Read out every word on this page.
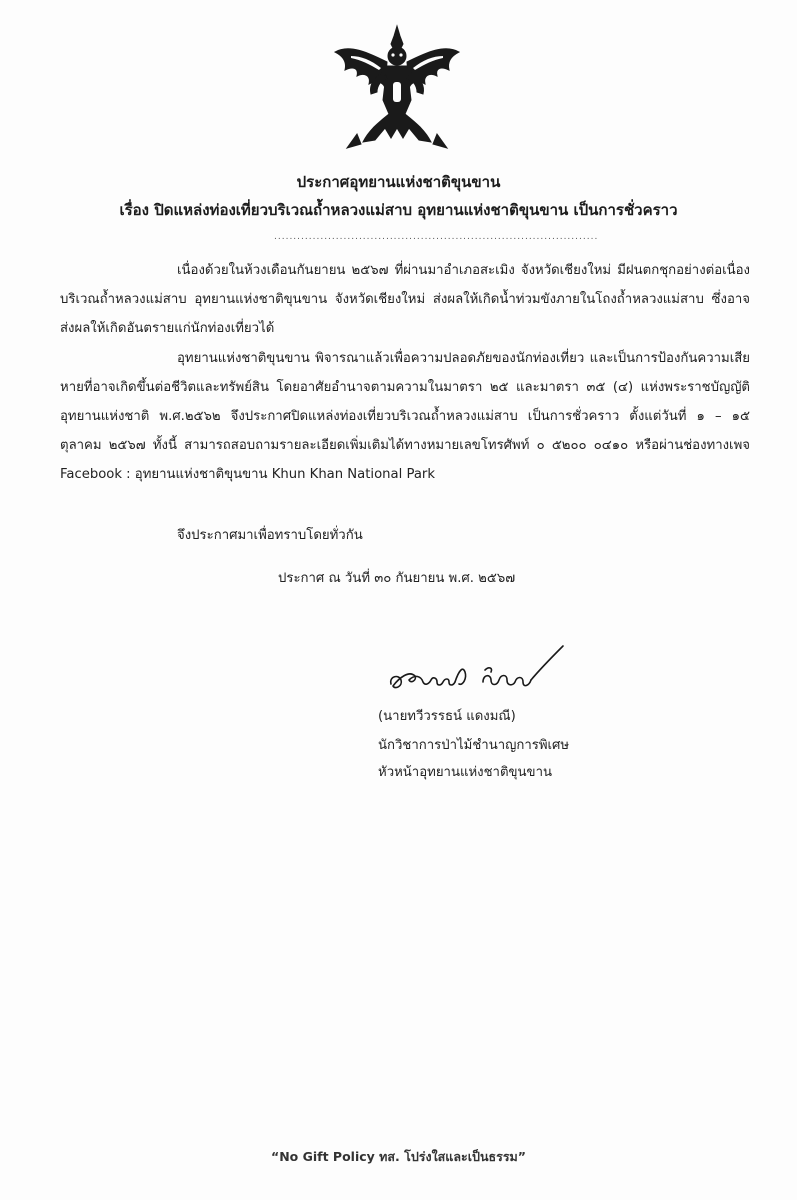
ประกาศอุทยานแห่งชาติขุนขาน
เรื่อง ปิดแหล่งท่องเที่ยวบริเวณถ้ำหลวงแม่สาบ อุทยานแห่งชาติขุนขาน เป็นการชั่วคราว
....................................................................................
เนื่องด้วยในห้วงเดือนกันยายน ๒๕๖๗ ที่ผ่านมาอำเภอสะเมิง จังหวัดเชียงใหม่ มีฝนตกชุกอย่างต่อเนื่อง บริเวณถ้ำหลวงแม่สาบ อุทยานแห่งชาติขุนขาน จังหวัดเชียงใหม่ ส่งผลให้เกิดน้ำท่วมขังภายในโถงถ้ำหลวงแม่สาบ ซึ่งอาจส่งผลให้เกิดอันตรายแก่นักท่องเที่ยวได้
อุทยานแห่งชาติขุนขาน พิจารณาแล้วเพื่อความปลอดภัยของนักท่องเที่ยว และเป็นการป้องกันความเสียหายที่อาจเกิดขึ้นต่อชีวิตและทรัพย์สิน โดยอาศัยอำนาจตามความในมาตรา ๒๕ และมาตรา ๓๕ (๔) แห่งพระราชบัญญัติอุทยานแห่งชาติ พ.ศ.๒๕๖๒ จึงประกาศปิดแหล่งท่องเที่ยวบริเวณถ้ำหลวงแม่สาบ เป็นการชั่วคราว ตั้งแต่วันที่ ๑ – ๑๕ ตุลาคม ๒๕๖๗ ทั้งนี้ สามารถสอบถามรายละเอียดเพิ่มเติมได้ทางหมายเลขโทรศัพท์ ๐ ๕๒๐๐ ๐๔๑๐ หรือผ่านช่องทางเพจ Facebook : อุทยานแห่งชาติขุนขาน Khun Khan National Park
จึงประกาศมาเพื่อทราบโดยทั่วกัน
ประกาศ ณ วันที่ ๓๐ กันยายน พ.ศ. ๒๕๖๗
(นายทวีวรรธน์ แดงมณี)
นักวิชาการป่าไม้ชำนาญการพิเศษ
หัวหน้าอุทยานแห่งชาติขุนขาน
“No Gift Policy ทส. โปร่งใสและเป็นธรรม”
